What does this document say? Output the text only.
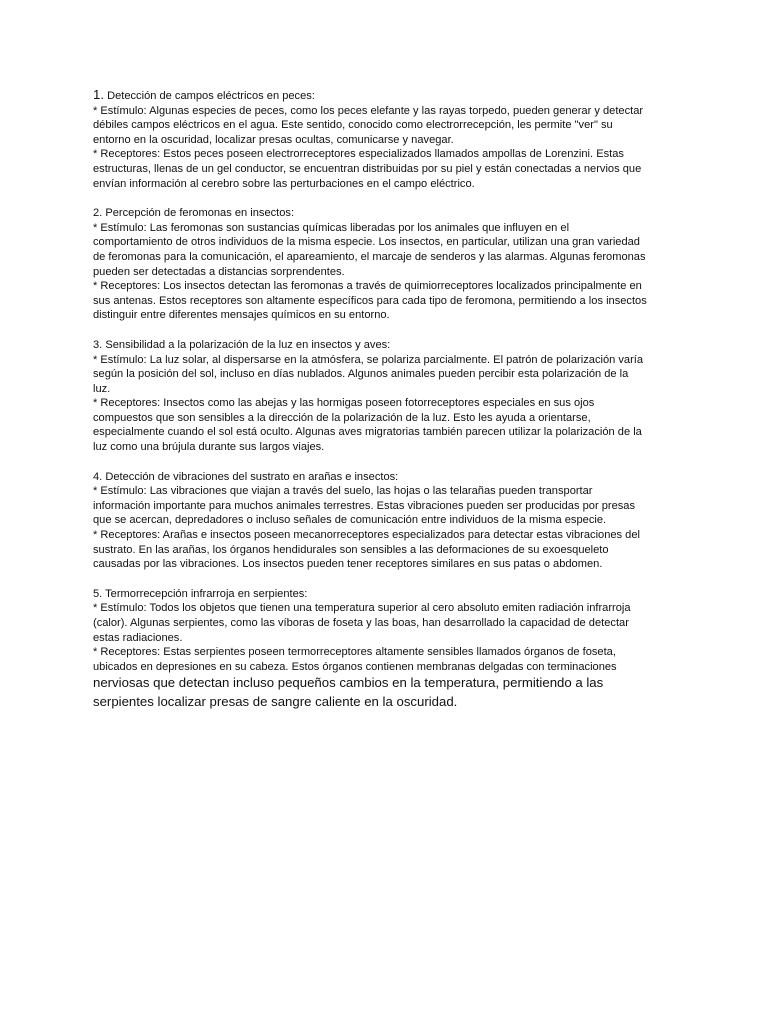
1. Detección de campos eléctricos en peces:
* Estímulo: Algunas especies de peces, como los peces elefante y las rayas torpedo, pueden generar y detectar
débiles campos eléctricos en el agua. Este sentido, conocido como electrorrecepción, les permite "ver" su
entorno en la oscuridad, localizar presas ocultas, comunicarse y navegar.
* Receptores: Estos peces poseen electrorreceptores especializados llamados ampollas de Lorenzini. Estas
estructuras, llenas de un gel conductor, se encuentran distribuidas por su piel y están conectadas a nervios que
envían información al cerebro sobre las perturbaciones en el campo eléctrico.
2. Percepción de feromonas en insectos:
* Estímulo: Las feromonas son sustancias químicas liberadas por los animales que influyen en el
comportamiento de otros individuos de la misma especie. Los insectos, en particular, utilizan una gran variedad
de feromonas para la comunicación, el apareamiento, el marcaje de senderos y las alarmas. Algunas feromonas
pueden ser detectadas a distancias sorprendentes.
* Receptores: Los insectos detectan las feromonas a través de quimiorreceptores localizados principalmente en
sus antenas. Estos receptores son altamente específicos para cada tipo de feromona, permitiendo a los insectos
distinguir entre diferentes mensajes químicos en su entorno.
3. Sensibilidad a la polarización de la luz en insectos y aves:
* Estímulo: La luz solar, al dispersarse en la atmósfera, se polariza parcialmente. El patrón de polarización varía
según la posición del sol, incluso en días nublados. Algunos animales pueden percibir esta polarización de la
luz.
* Receptores: Insectos como las abejas y las hormigas poseen fotorreceptores especiales en sus ojos
compuestos que son sensibles a la dirección de la polarización de la luz. Esto les ayuda a orientarse,
especialmente cuando el sol está oculto. Algunas aves migratorias también parecen utilizar la polarización de la
luz como una brújula durante sus largos viajes.
4. Detección de vibraciones del sustrato en arañas e insectos:
* Estímulo: Las vibraciones que viajan a través del suelo, las hojas o las telarañas pueden transportar
información importante para muchos animales terrestres. Estas vibraciones pueden ser producidas por presas
que se acercan, depredadores o incluso señales de comunicación entre individuos de la misma especie.
* Receptores: Arañas e insectos poseen mecanorreceptores especializados para detectar estas vibraciones del
sustrato. En las arañas, los órganos hendidurales son sensibles a las deformaciones de su exoesqueleto
causadas por las vibraciones. Los insectos pueden tener receptores similares en sus patas o abdomen.
5. Termorrecepción infrarroja en serpientes:
* Estímulo: Todos los objetos que tienen una temperatura superior al cero absoluto emiten radiación infrarroja
(calor). Algunas serpientes, como las víboras de foseta y las boas, han desarrollado la capacidad de detectar
estas radiaciones.
* Receptores: Estas serpientes poseen termorreceptores altamente sensibles llamados órganos de foseta,
ubicados en depresiones en su cabeza. Estos órganos contienen membranas delgadas con terminaciones
nerviosas que detectan incluso pequeños cambios en la temperatura, permitiendo a las
serpientes localizar presas de sangre caliente en la oscuridad.
